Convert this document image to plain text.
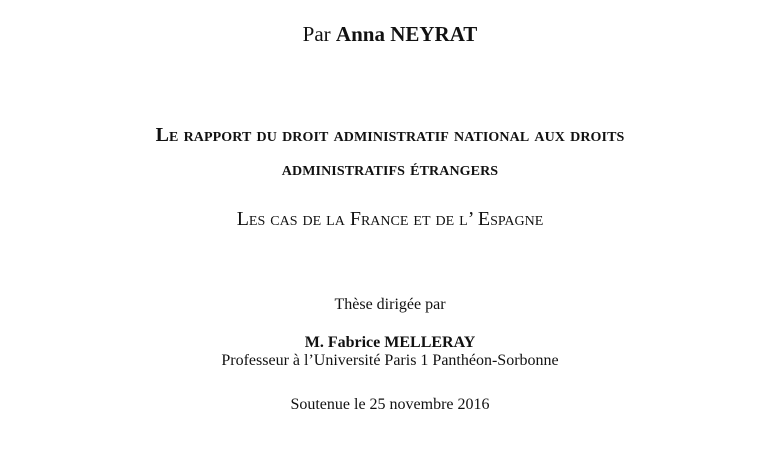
Par Anna NEYRAT
Le rapport du droit administratif national aux droits
administratifs étrangers
Les cas de la France et de l’ Espagne
Thèse dirigée par
M. Fabrice MELLERAY
Professeur à l’Université Paris 1 Panthéon-Sorbonne
Soutenue le 25 novembre 2016
